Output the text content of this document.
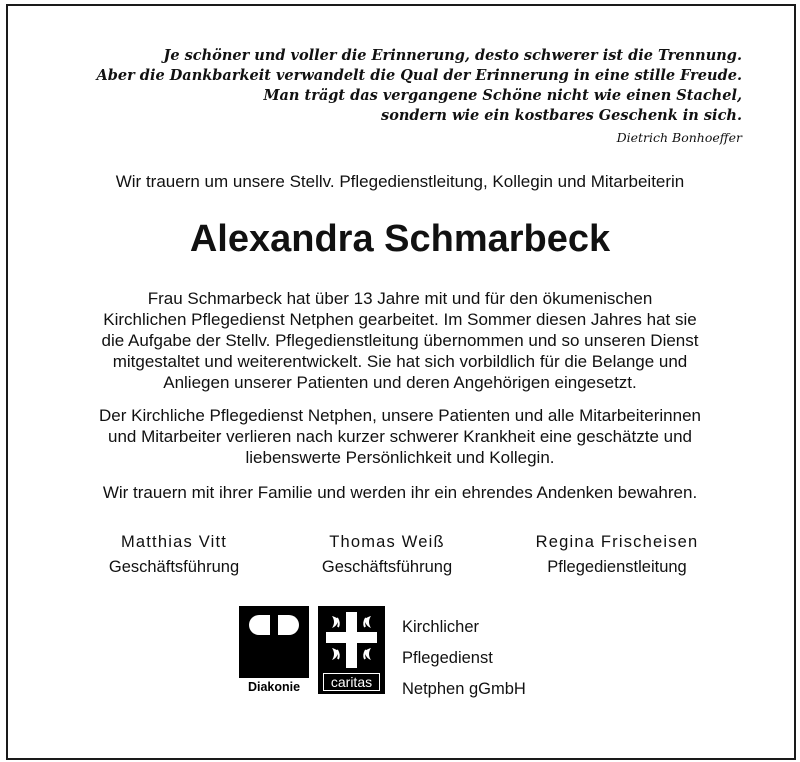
Je schöner und voller die Erinnerung, desto schwerer ist die Trennung.
Aber die Dankbarkeit verwandelt die Qual der Erinnerung in eine stille Freude.
Man trägt das vergangene Schöne nicht wie einen Stachel,
sondern wie ein kostbares Geschenk in sich.
Dietrich Bonhoeffer
Wir trauern um unsere Stellv. Pflegedienstleitung, Kollegin und Mitarbeiterin
Alexandra Schmarbeck
Frau Schmarbeck hat über 13 Jahre mit und für den ökumenischen
Kirchlichen Pflegedienst Netphen gearbeitet. Im Sommer diesen Jahres hat sie
die Aufgabe der Stellv. Pflegedienstleitung übernommen und so unseren Dienst
mitgestaltet und weiterentwickelt. Sie hat sich vorbildlich für die Belange und
Anliegen unserer Patienten und deren Angehörigen eingesetzt.
Der Kirchliche Pflegedienst Netphen, unsere Patienten und alle Mitarbeiterinnen
und Mitarbeiter verlieren nach kurzer schwerer Krankheit eine geschätzte und
liebenswerte Persönlichkeit und Kollegin.
Wir trauern mit ihrer Familie und werden ihr ein ehrendes Andenken bewahren.
Matthias Vitt
Geschäftsführung
Thomas Weiß
Geschäftsführung
Regina Frischeisen
Pflegedienstleitung
Diakonie	caritas
Kirchlicher
Pflegedienst
Netphen gGmbH
